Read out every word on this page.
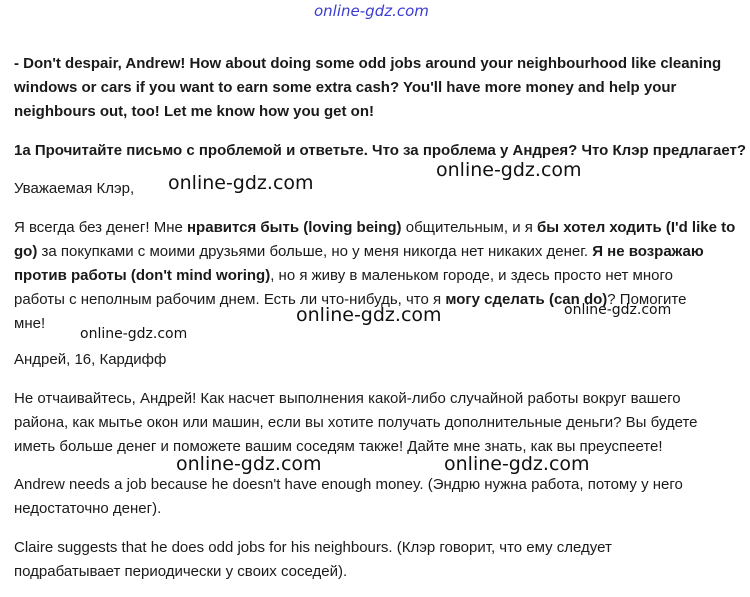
online-gdz.com
online-gdz.com
online-gdz.com
online-gdz.com	online-gdz.com
online-gdz.com
online-gdz.com	online-gdz.com
- Don't despair, Andrew! How about doing some odd jobs around your neighbourhood like cleaning
windows or cars if you want to earn some extra cash? You'll have more money and help your
neighbours out, too! Let me know how you get on!
1a Прочитайте письмо с проблемой и ответьте. Что за проблема у Андрея? Что Клэр предлагает?
Уважаемая Клэр,
Я всегда без денег! Мне нравится быть (loving being) общительным, и я бы хотел ходить (I'd like to
go) за покупками с моими друзьями больше, но у меня никогда нет никаких денег. Я не возражаю
против работы (don't mind woring), но я живу в маленьком городе, и здесь просто нет много
работы с неполным рабочим днем. Есть ли что-нибудь, что я могу сделать (can do)? Помогите
мне!
Андрей, 16, Кардифф
Не отчаивайтесь, Андрей! Как насчет выполнения какой-либо случайной работы вокруг вашего
района, как мытье окон или машин, если вы хотите получать дополнительные деньги? Вы будете
иметь больше денег и поможете вашим соседям также! Дайте мне знать, как вы преуспеете!
Andrew needs a job because he doesn't have enough money. (Эндрю нужна работа, потому у него
недостаточно денег).
Claire suggests that he does odd jobs for his neighbours. (Клэр говорит, что ему следует
подрабатывает периодически у своих соседей).
